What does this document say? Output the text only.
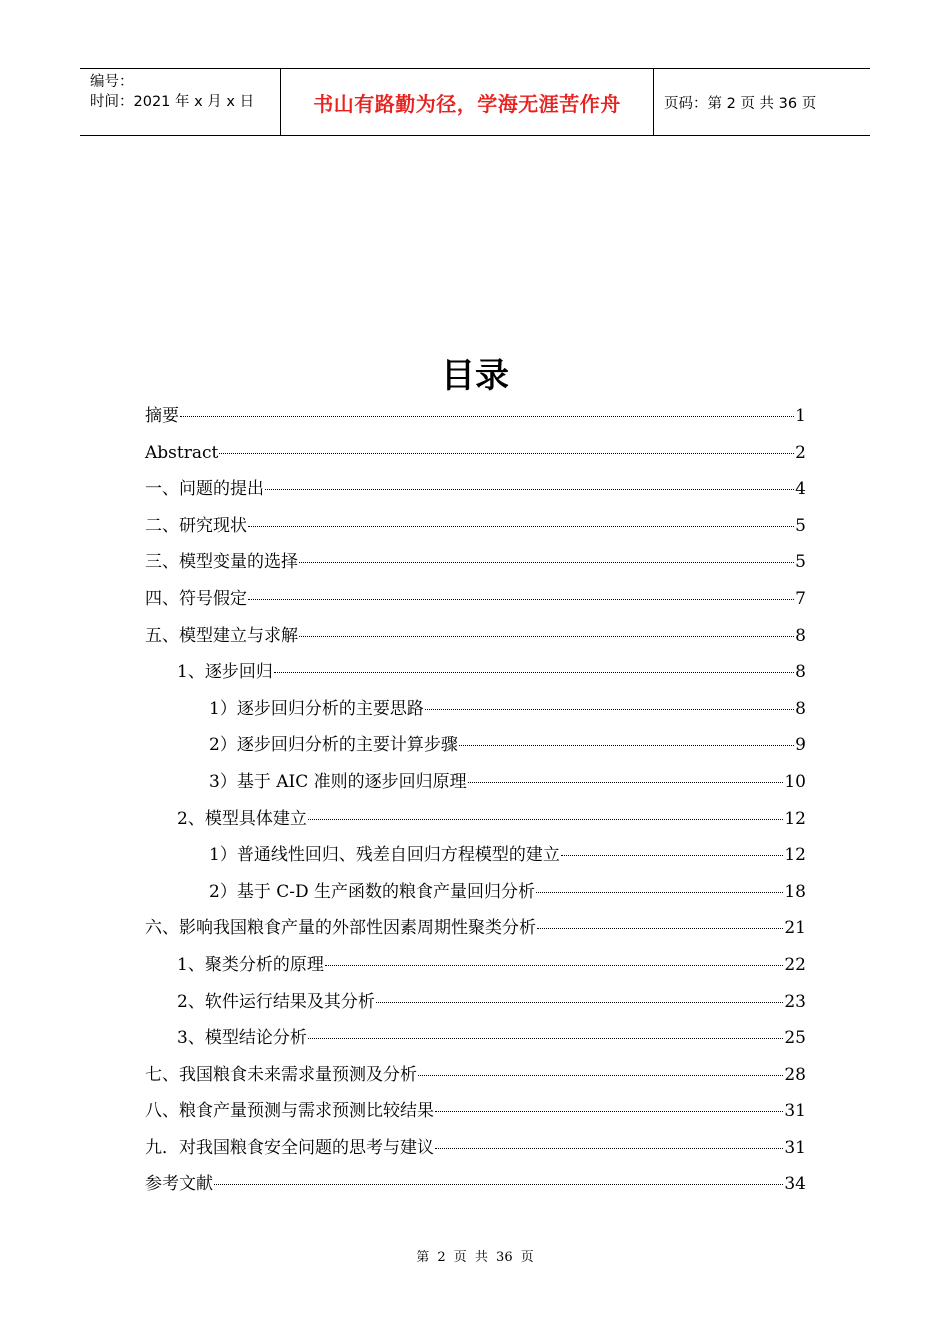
编号：
时间：2021 年 x 月 x 日	书山有路勤为径，学海无涯苦作舟	页码：第 2 页 共 36 页
目录
摘要	1
Abstract	2
一、问题的提出	4
二、研究现状	5
三、模型变量的选择	5
四、符号假定	7
五、模型建立与求解	8
1、逐步回归	8
1）逐步回归分析的主要思路	8
2）逐步回归分析的主要计算步骤	9
3）基于 AIC 准则的逐步回归原理	10
2、模型具体建立	12
1）普通线性回归、残差自回归方程模型的建立	12
2）基于 C-D 生产函数的粮食产量回归分析	18
六、影响我国粮食产量的外部性因素周期性聚类分析	21
1、聚类分析的原理	22
2、软件运行结果及其分析	23
3、模型结论分析	25
七、我国粮食未来需求量预测及分析	28
八、粮食产量预测与需求预测比较结果	31
九．对我国粮食安全问题的思考与建议	31
参考文献	34
第 2 页 共 36 页
